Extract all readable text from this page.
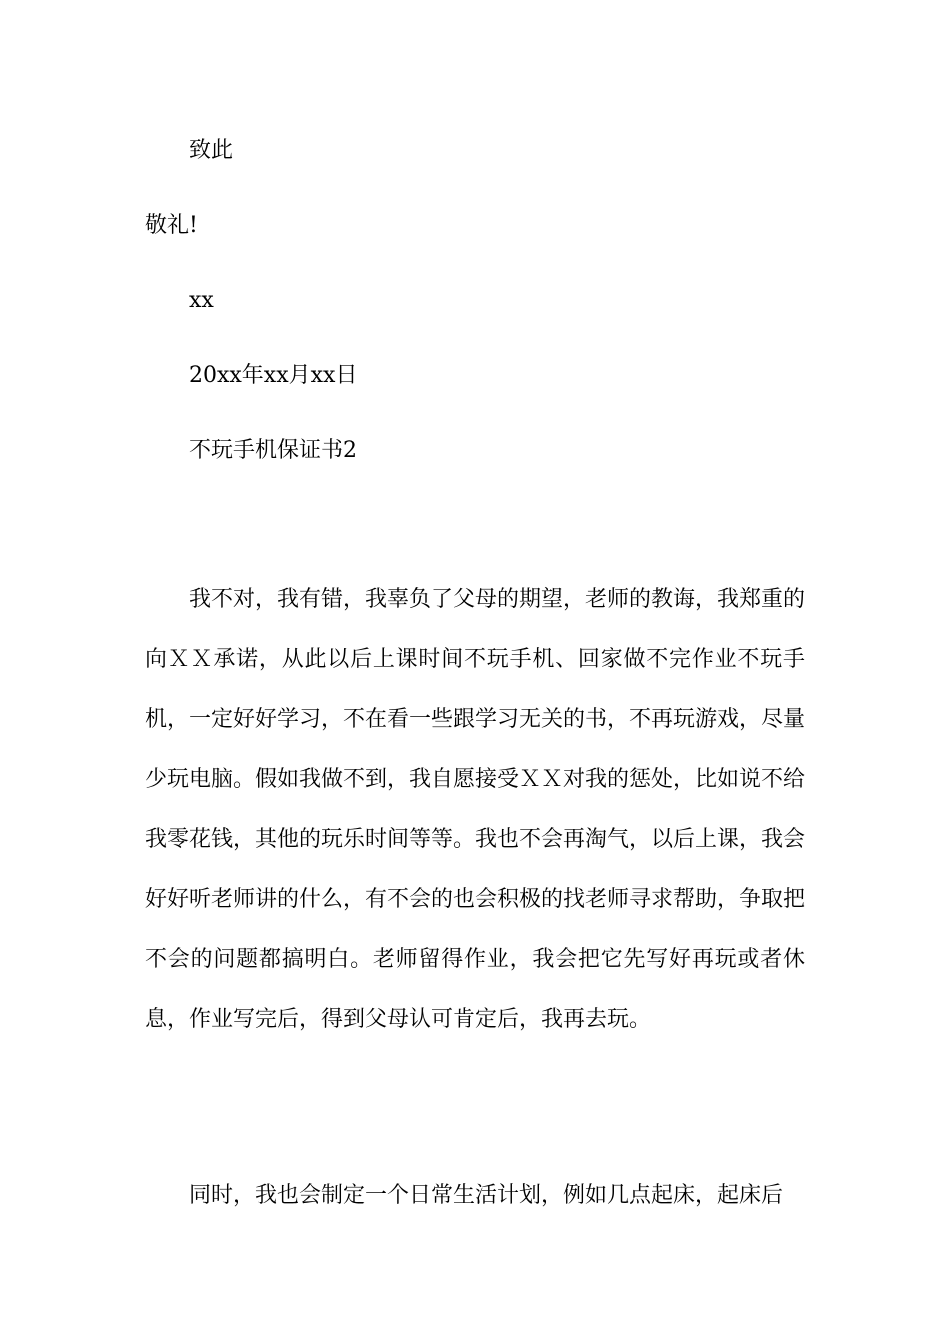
致此
敬礼!
xx
20xx年xx月xx日
不玩手机保证书2

我不对，我有错，我辜负了父母的期望，老师的教诲，我郑重的向ＸＸ承诺，从此以后上课时间不玩手机、回家做不完作业不玩手机，一定好好学习，不在看一些跟学习无关的书，不再玩游戏，尽量少玩电脑。假如我做不到，我自愿接受ＸＸ对我的惩处，比如说不给我零花钱，其他的玩乐时间等等。我也不会再淘气，以后上课，我会好好听老师讲的什么，有不会的也会积极的找老师寻求帮助，争取把不会的问题都搞明白。老师留得作业，我会把它先写好再玩或者休息，作业写完后，得到父母认可肯定后，我再去玩。

同时，我也会制定一个日常生活计划，例如几点起床，起床后
